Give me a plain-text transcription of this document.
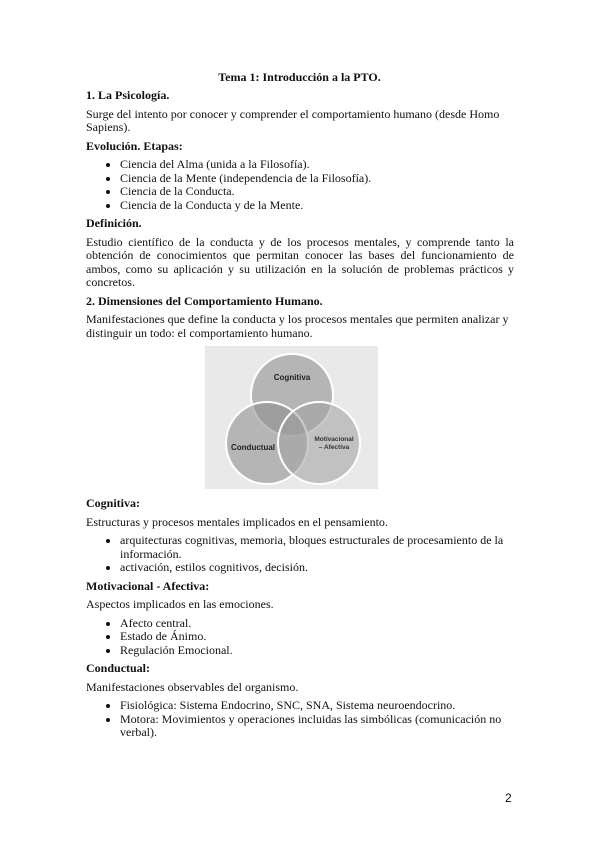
Tema 1: Introducción a la PTO.
1. La Psicología.
Surge del intento por conocer y comprender el comportamiento humano (desde Homo Sapiens).
Evolución. Etapas:
• Ciencia del Alma (unida a la Filosofía).
• Ciencia de la Mente (independencia de la Filosofía).
• Ciencia de la Conducta.
• Ciencia de la Conducta y de la Mente.
Definición.
Estudio científico de la conducta y de los procesos mentales, y comprende tanto la obtención de conocimientos que permitan conocer las bases del funcionamiento de ambos, como su aplicación y su utilización en la solución de problemas prácticos y concretos.
2. Dimensiones del Comportamiento Humano.
Manifestaciones que define la conducta y los procesos mentales que permiten analizar y distinguir un todo: el comportamiento humano.
Cognitiva
Conductual
Motivacional
– Afectiva
Cognitiva:
Estructuras y procesos mentales implicados en el pensamiento.
• arquitecturas cognitivas, memoria, bloques estructurales de procesamiento de la información.
• activación, estilos cognitivos, decisión.
Motivacional - Afectiva:
Aspectos implicados en las emociones.
• Afecto central.
• Estado de Ánimo.
• Regulación Emocional.
Conductual:
Manifestaciones observables del organismo.
• Fisiológica: Sistema Endocrino, SNC, SNA, Sistema neuroendocrino.
• Motora: Movimientos y operaciones incluidas las simbólicas (comunicación no verbal).
2
